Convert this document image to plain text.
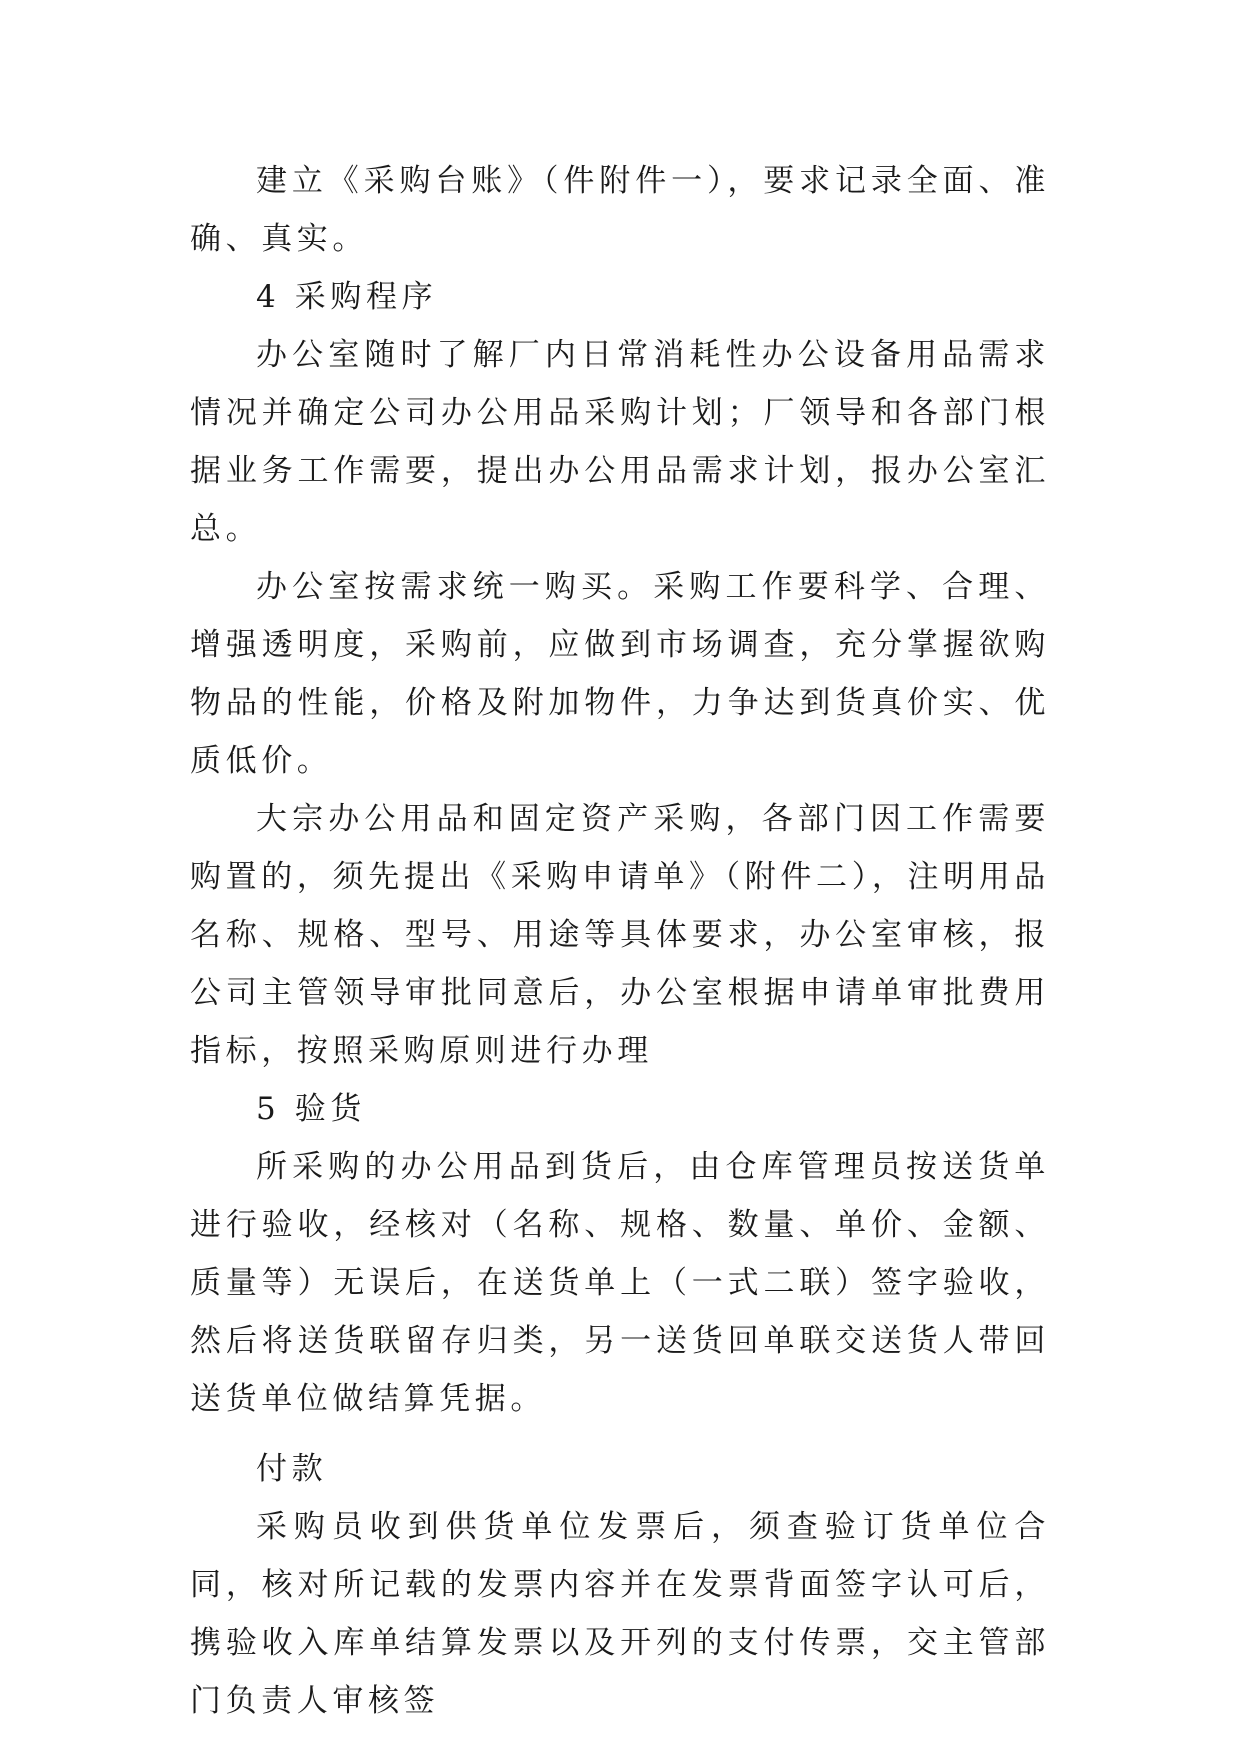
建立《采购台账》（件附件一），要求记录全面、准确、真实。

4 采购程序

办公室随时了解厂内日常消耗性办公设备用品需求情况并确定公司办公用品采购计划；厂领导和各部门根据业务工作需要，提出办公用品需求计划，报办公室汇总。

办公室按需求统一购买。采购工作要科学、合理、增强透明度，采购前，应做到市场调查，充分掌握欲购物品的性能，价格及附加物件，力争达到货真价实、优质低价。

大宗办公用品和固定资产采购，各部门因工作需要购置的，须先提出《采购申请单》（附件二），注明用品名称、规格、型号、用途等具体要求，办公室审核，报公司主管领导审批同意后，办公室根据申请单审批费用指标，按照采购原则进行办理

5 验货

所采购的办公用品到货后，由仓库管理员按送货单进行验收，经核对（名称、规格、数量、单价、金额、质量等）无误后，在送货单上（一式二联）签字验收，然后将送货联留存归类，另一送货回单联交送货人带回送货单位做结算凭据。

付款

采购员收到供货单位发票后，须查验订货单位合同，核对所记载的发票内容并在发票背面签字认可后，携验收入库单结算发票以及开列的支付传票，交主管部门负责人审核签
